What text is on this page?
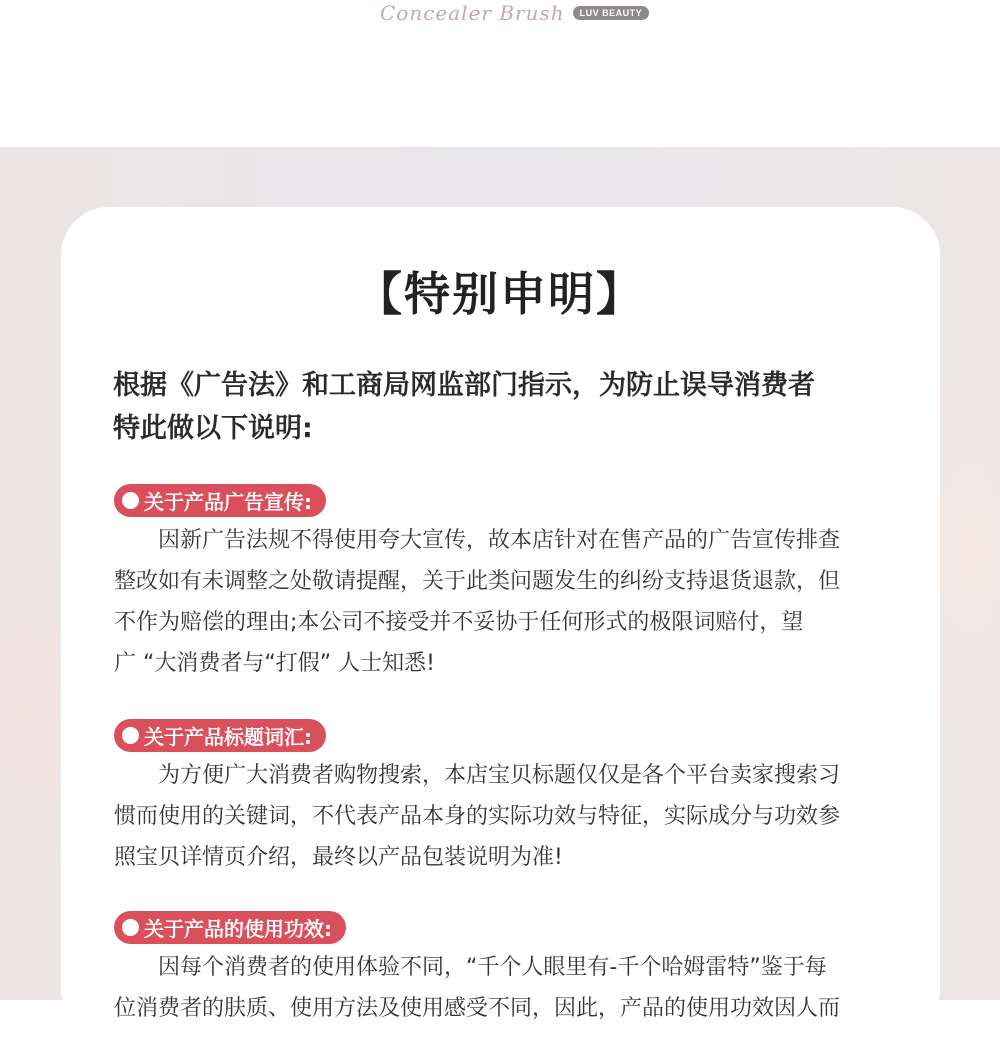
Concealer Brush	LUV BEAUTY
【特别申明】
根据《广告法》和工商局网监部门指示，为防止误导消费者
特此做以下说明:
关于产品广告宣传:
　　因新广告法规不得使用夸大宣传，故本店针对在售产品的广告宣传排查
整改如有未调整之处敬请提醒，关于此类问题发生的纠纷支持退货退款，但
不作为赔偿的理由;本公司不接受并不妥协于任何形式的极限词赔付，望
广 “大消费者与“打假” 人士知悉!
关于产品标题词汇:
　　为方便广大消费者购物搜索，本店宝贝标题仅仅是各个平台卖家搜索习
惯而使用的关键词，不代表产品本身的实际功效与特征，实际成分与功效参
照宝贝详情页介绍，最终以产品包装说明为准!
关于产品的使用功效:
　　因每个消费者的使用体验不同，“千个人眼里有-千个哈姆雷特”鉴于每
位消费者的肤质、使用方法及使用感受不同，因此，产品的使用功效因人而
